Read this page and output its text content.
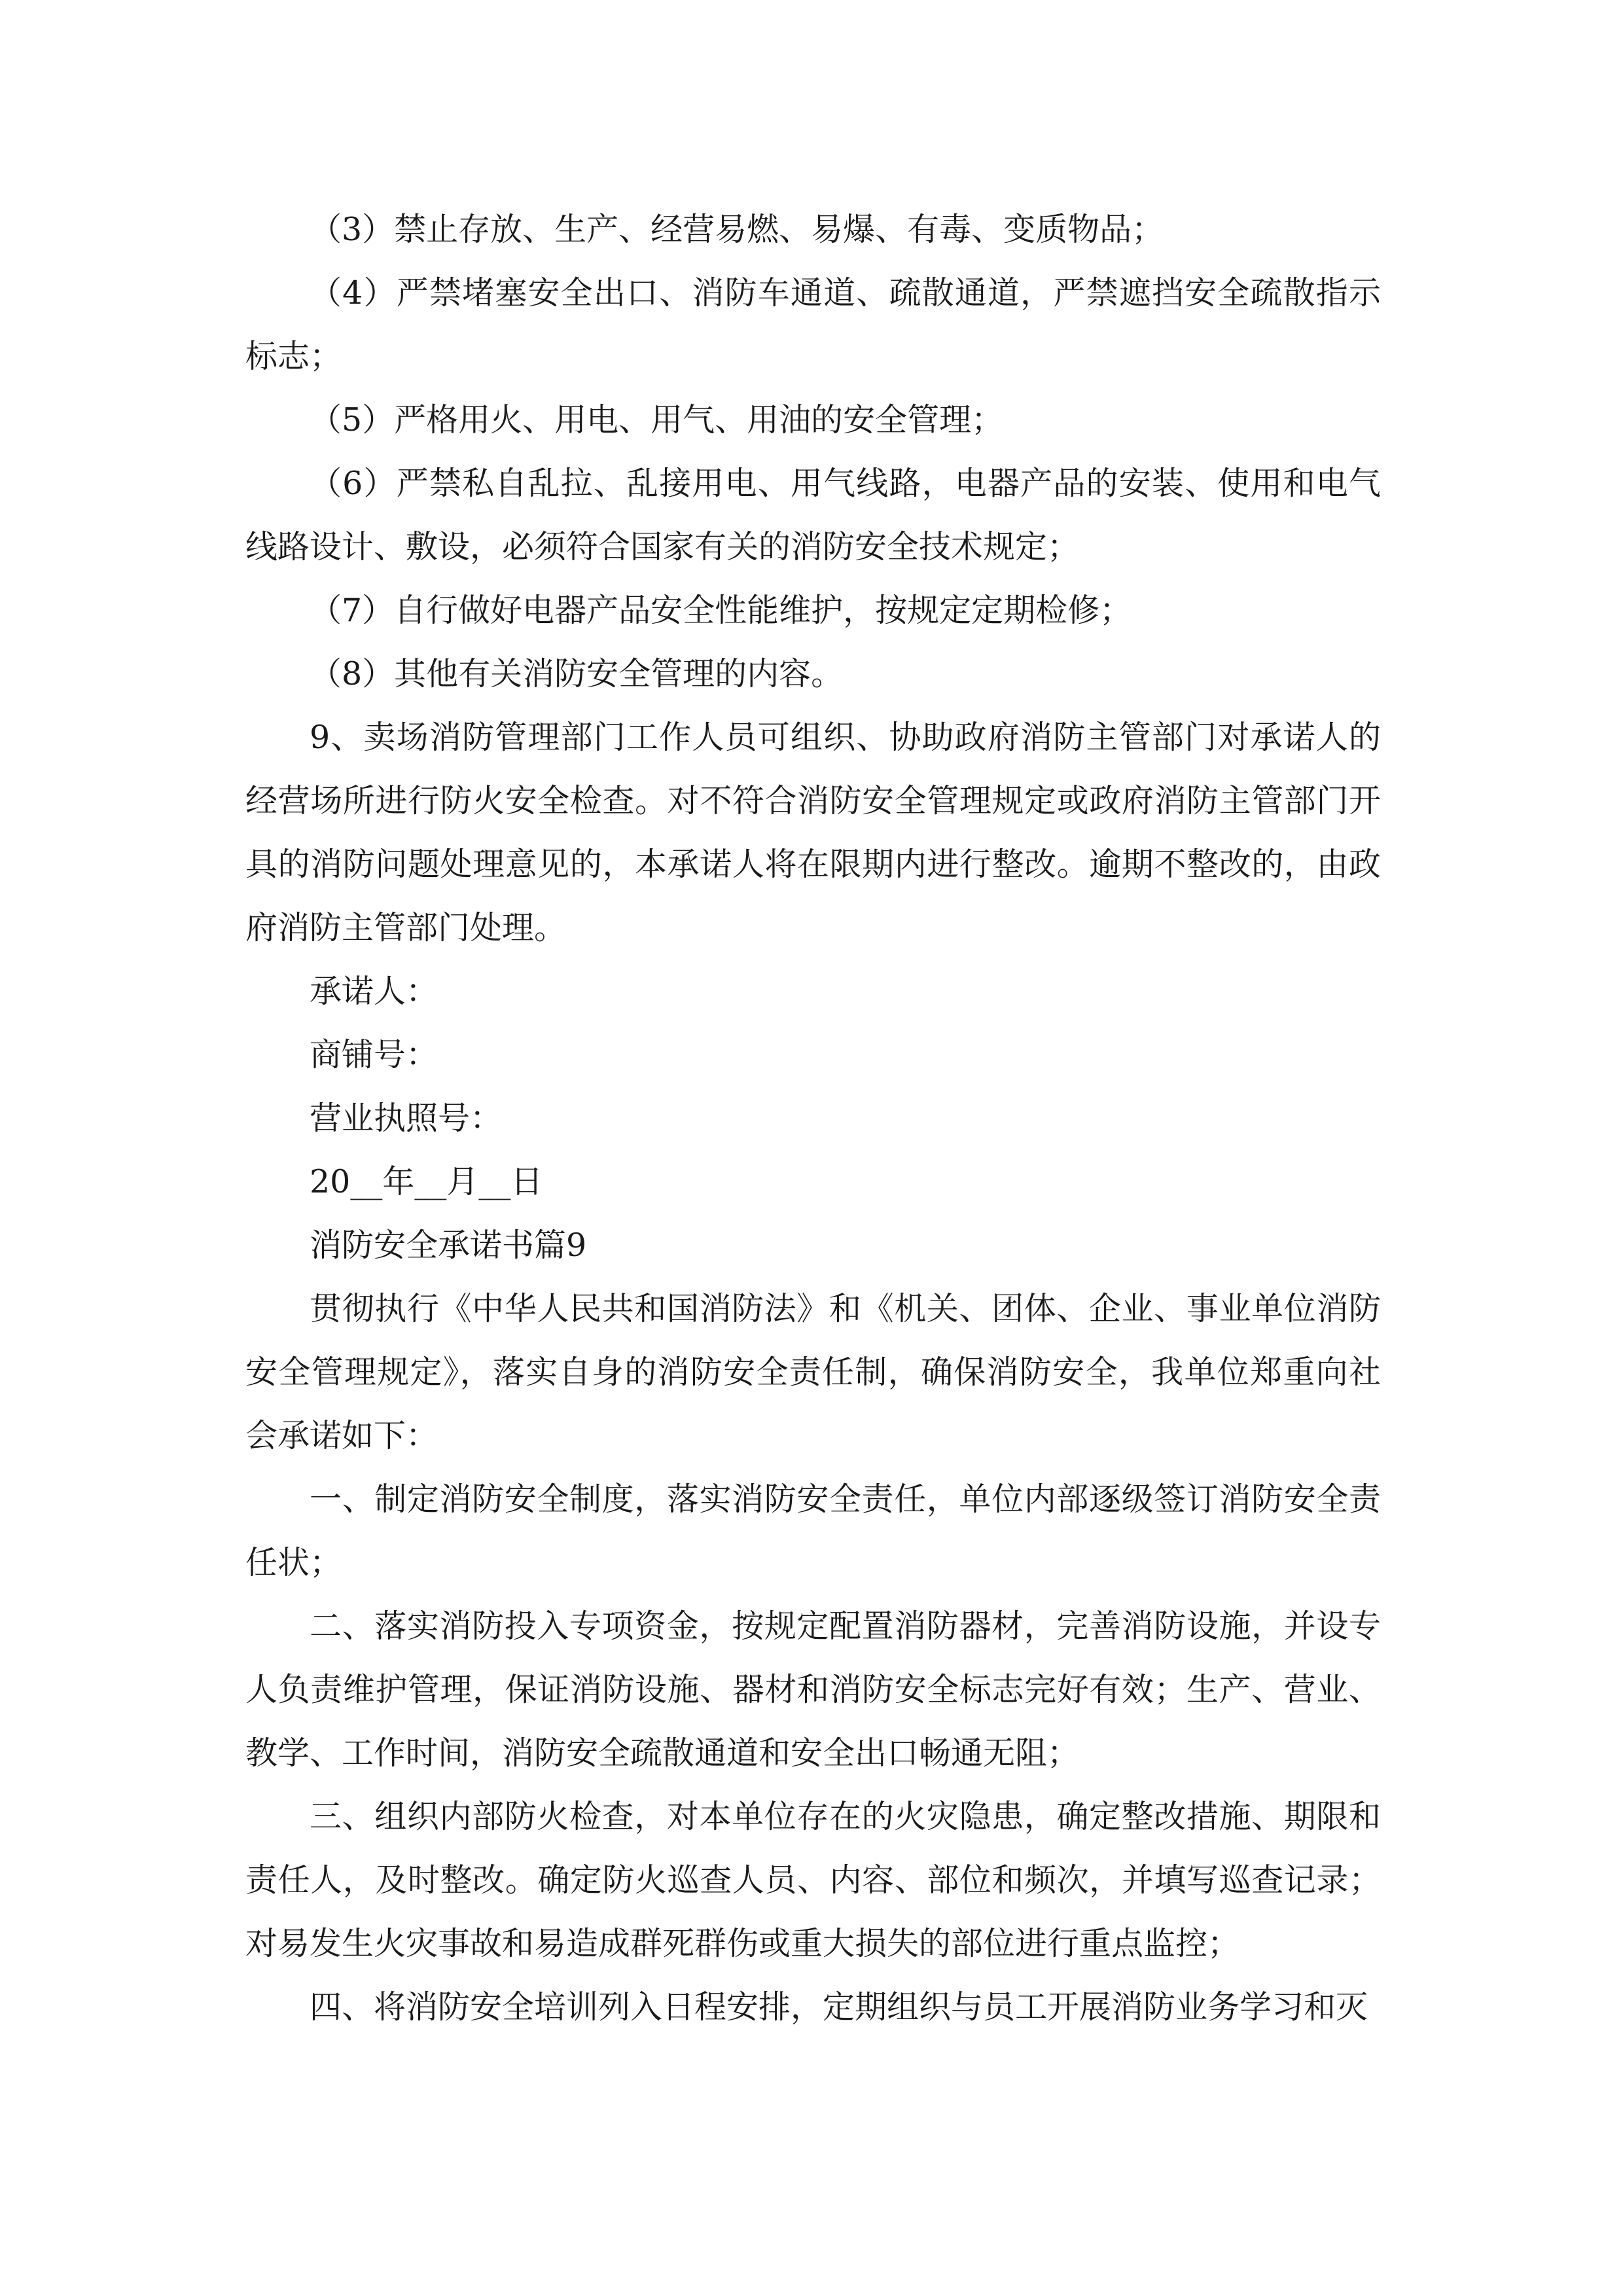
（3）禁止存放、生产、经营易燃、易爆、有毒、变质物品；

（4）严禁堵塞安全出口、消防车通道、疏散通道，严禁遮挡安全疏散指示标志；

（5）严格用火、用电、用气、用油的安全管理；

（6）严禁私自乱拉、乱接用电、用气线路，电器产品的安装、使用和电气线路设计、敷设，必须符合国家有关的消防安全技术规定；

（7）自行做好电器产品安全性能维护，按规定定期检修；

（8）其他有关消防安全管理的内容。

9、卖场消防管理部门工作人员可组织、协助政府消防主管部门对承诺人的经营场所进行防火安全检查。对不符合消防安全管理规定或政府消防主管部门开具的消防问题处理意见的，本承诺人将在限期内进行整改。逾期不整改的，由政府消防主管部门处理。

承诺人：

商铺号：

营业执照号：

20__年__月__日

消防安全承诺书篇9

贯彻执行《中华人民共和国消防法》和《机关、团体、企业、事业单位消防安全管理规定》，落实自身的消防安全责任制，确保消防安全，我单位郑重向社会承诺如下：

一、制定消防安全制度，落实消防安全责任，单位内部逐级签订消防安全责任状；

二、落实消防投入专项资金，按规定配置消防器材，完善消防设施，并设专人负责维护管理，保证消防设施、器材和消防安全标志完好有效；生产、营业、教学、工作时间，消防安全疏散通道和安全出口畅通无阻；

三、组织内部防火检查，对本单位存在的火灾隐患，确定整改措施、期限和责任人，及时整改。确定防火巡查人员、内容、部位和频次，并填写巡查记录；对易发生火灾事故和易造成群死群伤或重大损失的部位进行重点监控；

四、将消防安全培训列入日程安排，定期组织与员工开展消防业务学习和灭
